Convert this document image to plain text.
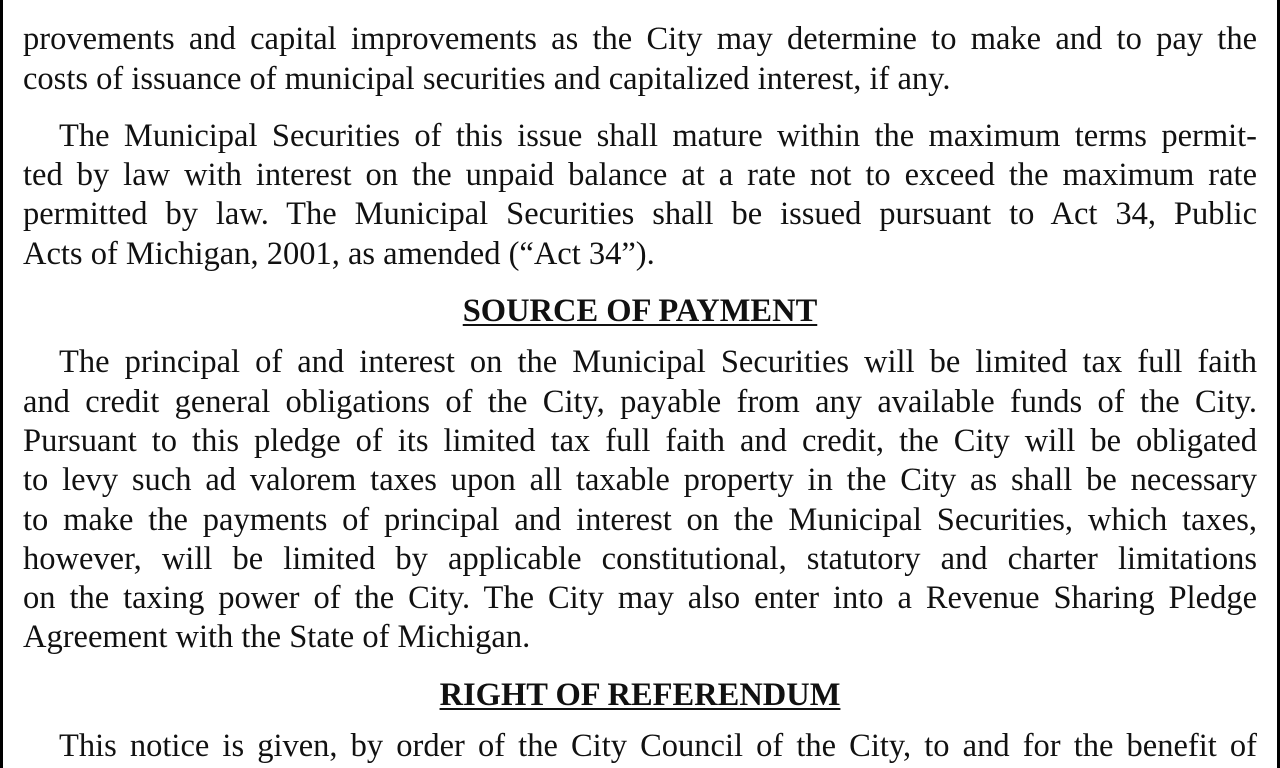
provements and capital improvements as the City may determine to make and to pay the
costs of issuance of municipal securities and capitalized interest, if any.
The Municipal Securities of this issue shall mature within the maximum terms permit-
ted by law with interest on the unpaid balance at a rate not to exceed the maximum rate
permitted by law. The Municipal Securities shall be issued pursuant to Act 34, Public
Acts of Michigan, 2001, as amended (“Act 34”).
SOURCE OF PAYMENT
The principal of and interest on the Municipal Securities will be limited tax full faith
and credit general obligations of the City, payable from any available funds of the City.
Pursuant to this pledge of its limited tax full faith and credit, the City will be obligated
to levy such ad valorem taxes upon all taxable property in the City as shall be necessary
to make the payments of principal and interest on the Municipal Securities, which taxes,
however, will be limited by applicable constitutional, statutory and charter limitations
on the taxing power of the City. The City may also enter into a Revenue Sharing Pledge
Agreement with the State of Michigan.
RIGHT OF REFERENDUM
This notice is given, by order of the City Council of the City, to and for the benefit of
